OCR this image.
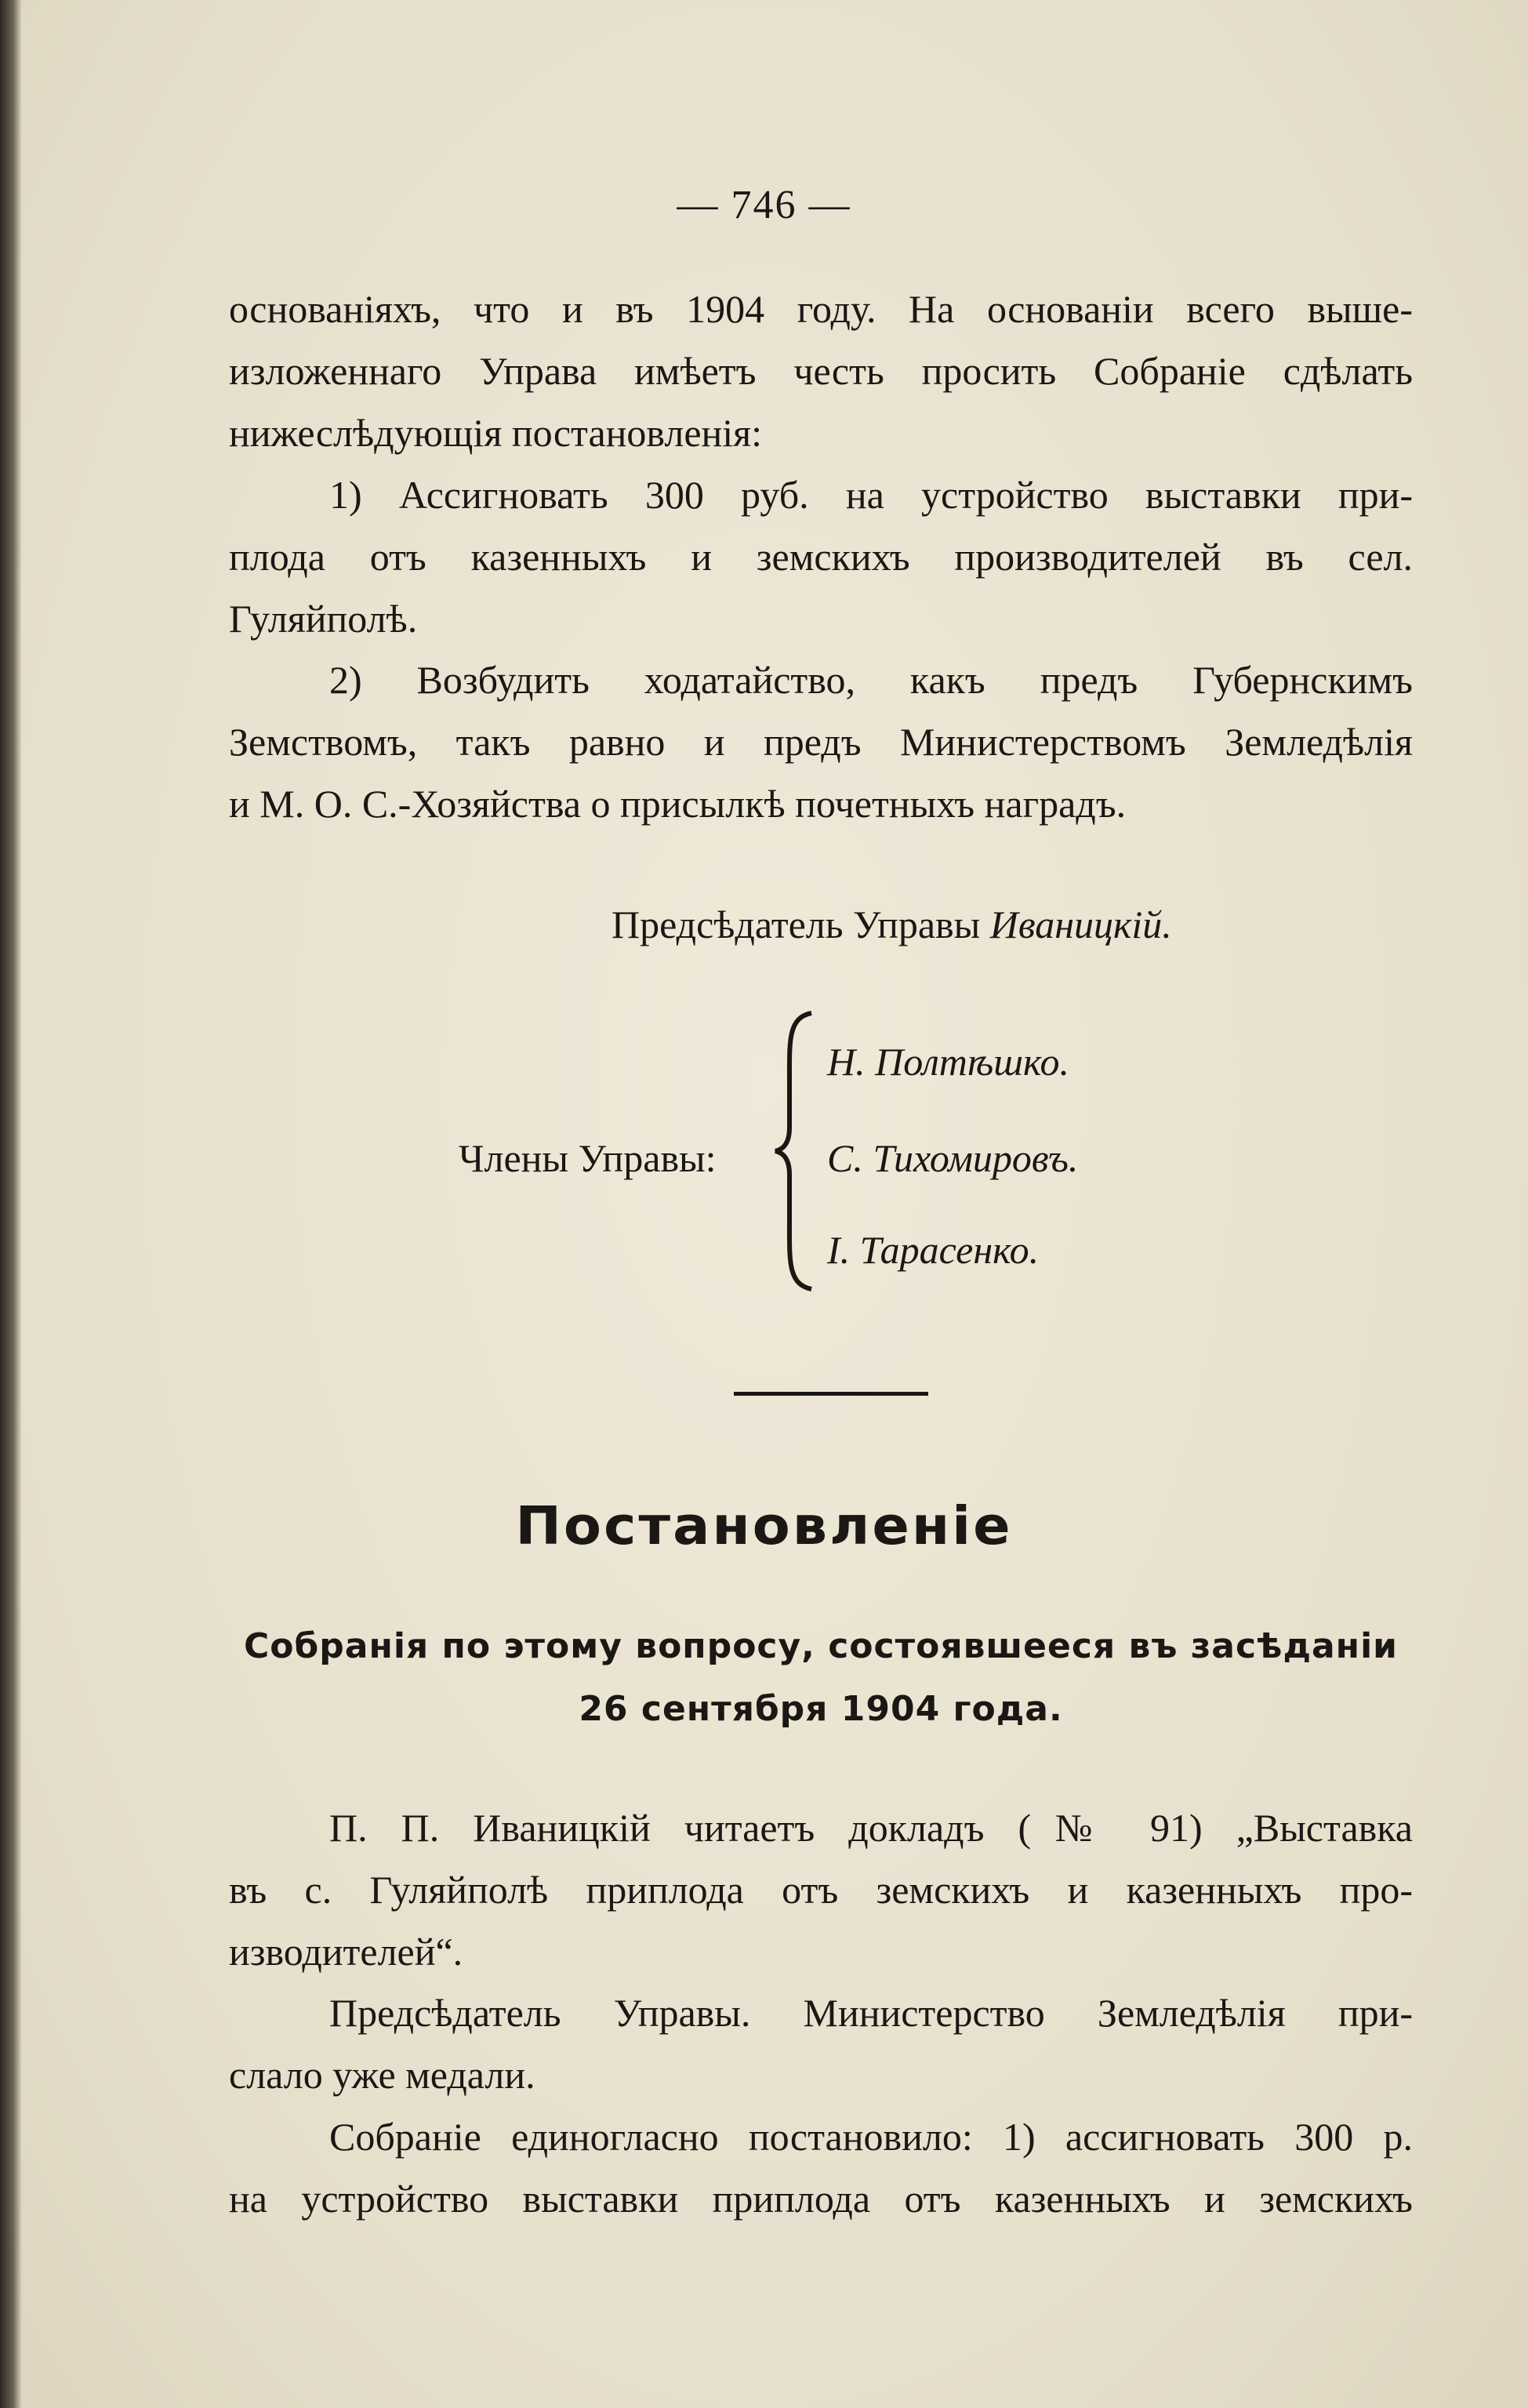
— 746 —
основаніяхъ, что и въ 1904 году. На основаніи всего выше-
изложеннаго Управа имѣетъ честь просить Собраніе сдѣлать
нижеслѣдующія постановленія:
1) Ассигновать 300 руб. на устройство выставки при-
плода отъ казенныхъ и земскихъ производителей въ сел.
Гуляйполѣ.
2) Возбудить ходатайство, какъ предъ Губернскимъ
Земствомъ, такъ равно и предъ Министерствомъ Земледѣлія
и М. О. С.-Хозяйства о присылкѣ почетныхъ наградъ.
Предсѣдатель Управы Иваницкій.
Члены Управы:
Н. Полтѣшко.
С. Тихомировъ.
І. Тарасенко.
Постановленіе
Собранія по этому вопросу, состоявшееся въ засѣданіи
26 сентября 1904 года.
П. П. Иваницкій читаетъ докладъ (№ 91) „Выставка
въ с. Гуляйполѣ приплода отъ земскихъ и казенныхъ про-
изводителей“.
Предсѣдатель Управы. Министерство Земледѣлія при-
слало уже медали.
Собраніе единогласно постановило: 1) ассигновать 300 р.
на устройство выставки приплода отъ казенныхъ и земскихъ
